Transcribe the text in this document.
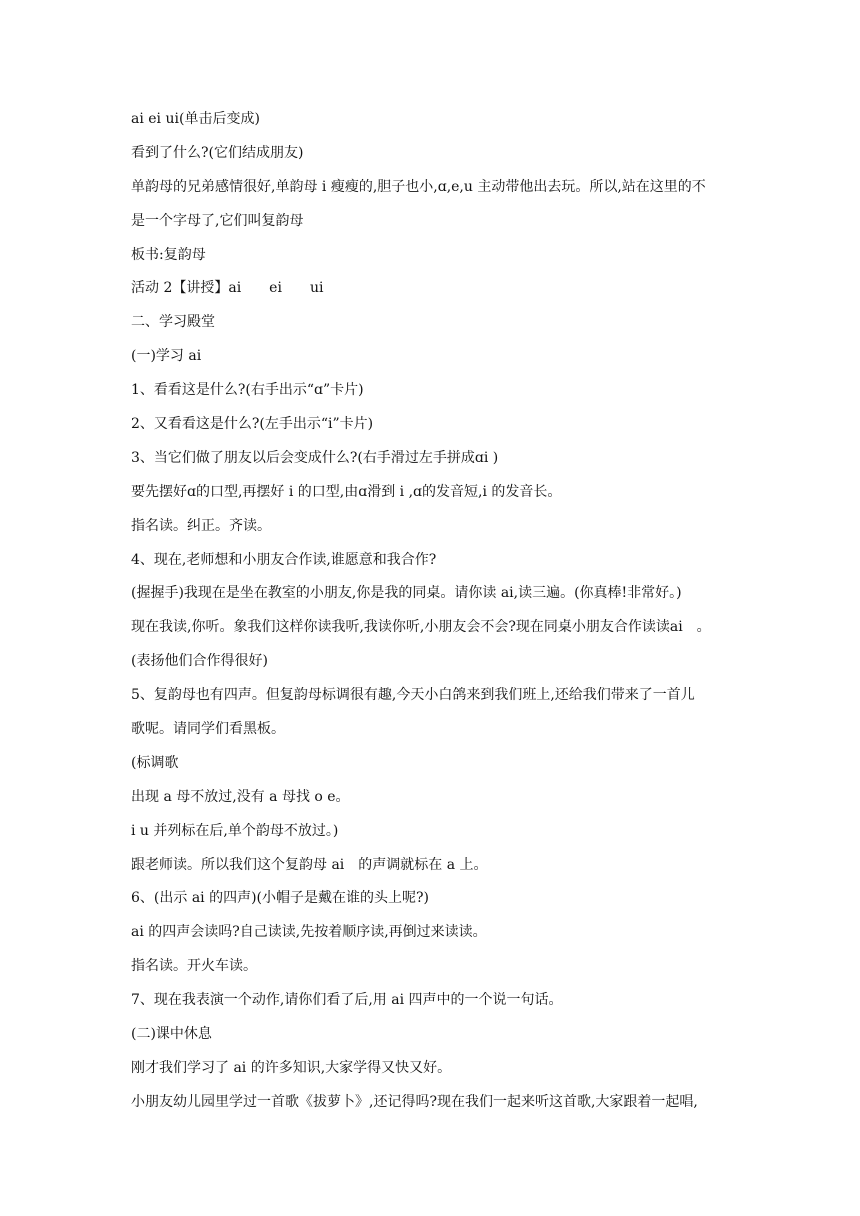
ai ei ui(单击后变成)
看到了什么?(它们结成朋友)
单韵母的兄弟感情很好,单韵母 i 瘦瘦的,胆子也小,ɑ,e,u 主动带他出去玩。所以,站在这里的不
是一个字母了,它们叫复韵母
板书:复韵母
活动 2【讲授】ai　　ei　　ui
二、学习殿堂
(一)学习 ai
1、看看这是什么?(右手出示“ɑ”卡片)
2、又看看这是什么?(左手出示“i”卡片)
3、当它们做了朋友以后会变成什么?(右手滑过左手拼成ɑi )
要先摆好ɑ的口型,再摆好 i 的口型,由ɑ滑到 i ,ɑ的发音短,i 的发音长。
指名读。纠正。齐读。
4、现在,老师想和小朋友合作读,谁愿意和我合作?
(握握手)我现在是坐在教室的小朋友,你是我的同桌。请你读 ai,读三遍。(你真棒!非常好。)
现在我读,你听。象我们这样你读我听,我读你听,小朋友会不会?现在同桌小朋友合作读读ai　。
(表扬他们合作得很好)
5、复韵母也有四声。但复韵母标调很有趣,今天小白鸽来到我们班上,还给我们带来了一首儿
歌呢。请同学们看黑板。
(标调歌
出现 a 母不放过,没有 a 母找 o e。
i u 并列标在后,单个韵母不放过。)
跟老师读。所以我们这个复韵母 ai　的声调就标在 a 上。
6、(出示 ai 的四声)(小帽子是戴在谁的头上呢?)
ai 的四声会读吗?自己读读,先按着顺序读,再倒过来读读。
指名读。开火车读。
7、现在我表演一个动作,请你们看了后,用 ai 四声中的一个说一句话。
(二)课中休息
刚才我们学习了 ai 的许多知识,大家学得又快又好。
小朋友幼儿园里学过一首歌《拔萝卜》,还记得吗?现在我们一起来听这首歌,大家跟着一起唱,
